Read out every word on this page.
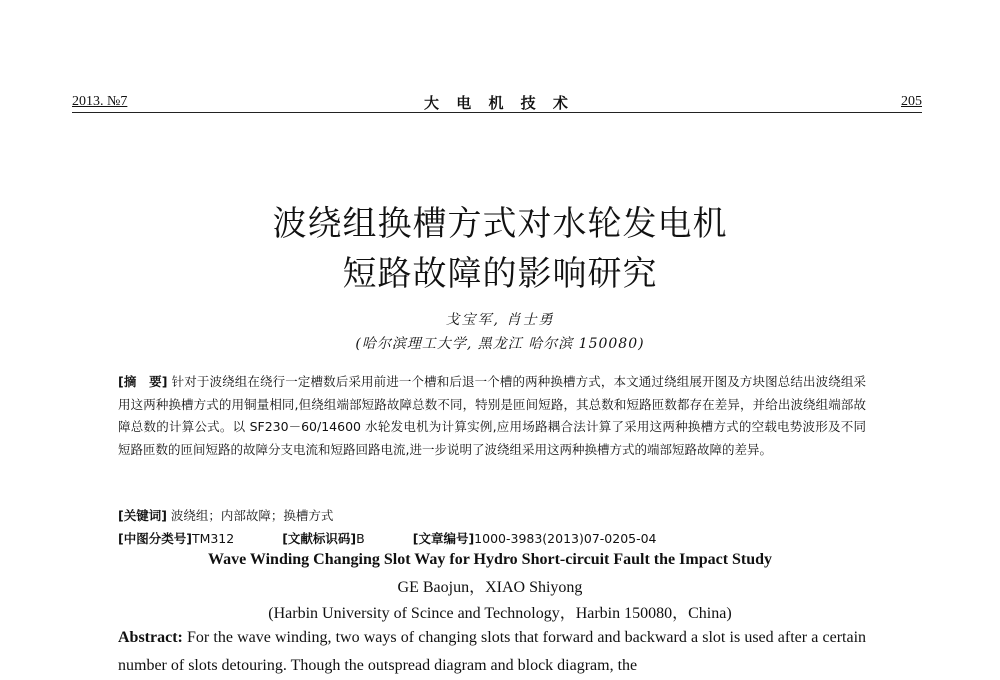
2013. №7	大 电 机 技 术	205
波绕组换槽方式对水轮发电机
短路故障的影响研究
戈宝军, 肖士勇
(哈尔滨理工大学, 黑龙江 哈尔滨 150080)
[摘　要] 针对于波绕组在绕行一定槽数后采用前进一个槽和后退一个槽的两种换槽方式，本文通过绕组展开图及方块图总结出波绕组采用这两种换槽方式的用铜量相同,但绕组端部短路故障总数不同，特别是匝间短路，其总数和短路匝数都存在差异，并给出波绕组端部故障总数的计算公式。以 SF230－60/14600 水轮发电机为计算实例,应用场路耦合法计算了采用这两种换槽方式的空载电势波形及不同短路匝数的匝间短路的故障分支电流和短路回路电流,进一步说明了波绕组采用这两种换槽方式的端部短路故障的差异。
[关键词] 波绕组；内部故障；换槽方式
[中图分类号]TM312	[文献标识码]B	[文章编号]1000-3983(2013)07-0205-04
Wave Winding Changing Slot Way for Hydro Short-circuit Fault the Impact Study
GE Baojun，XIAO Shiyong
(Harbin University of Scince and Technology，Harbin 150080，China)
Abstract: For the wave winding, two ways of changing slots that forward and backward a slot is used after a certain number of slots detouring. Though the outspread diagram and block diagram, the
